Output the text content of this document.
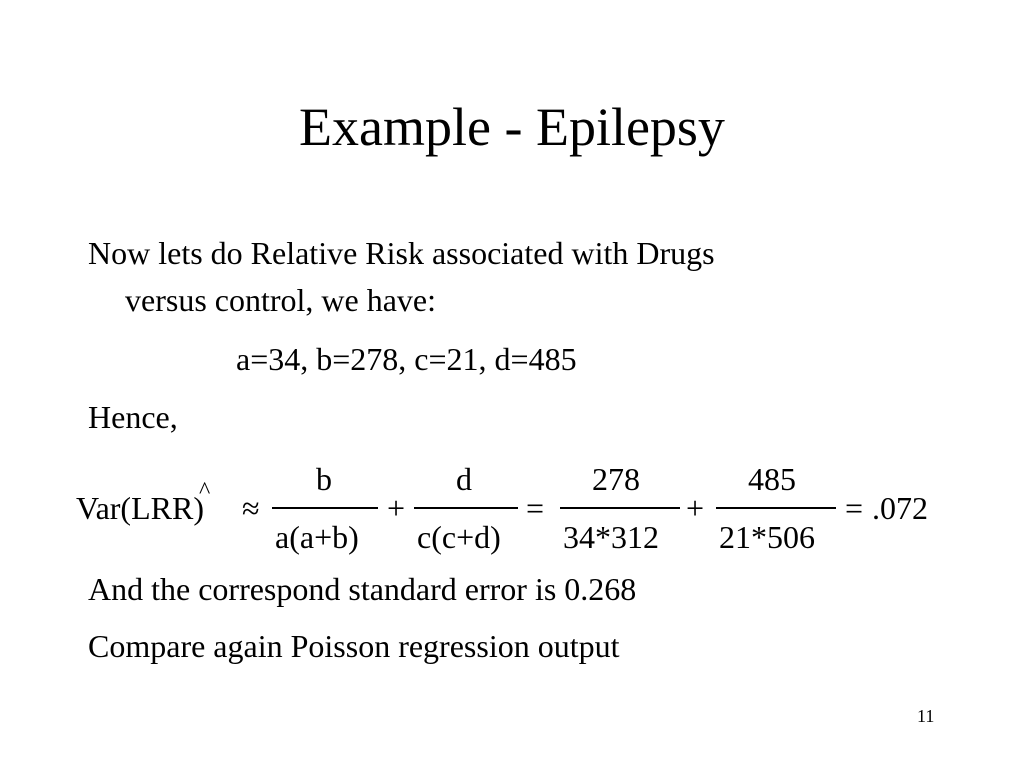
Example - Epilepsy
Now lets do Relative Risk associated with Drugs
versus control, we have:
a=34, b=278, c=21, d=485
Hence,
Var(LRR)
^ ≈
b
a(a+b)
+
d
c(c+d)
=
278
34*312
+
485
21*506
= .072
And the correspond standard error is 0.268
Compare again Poisson regression output
11
